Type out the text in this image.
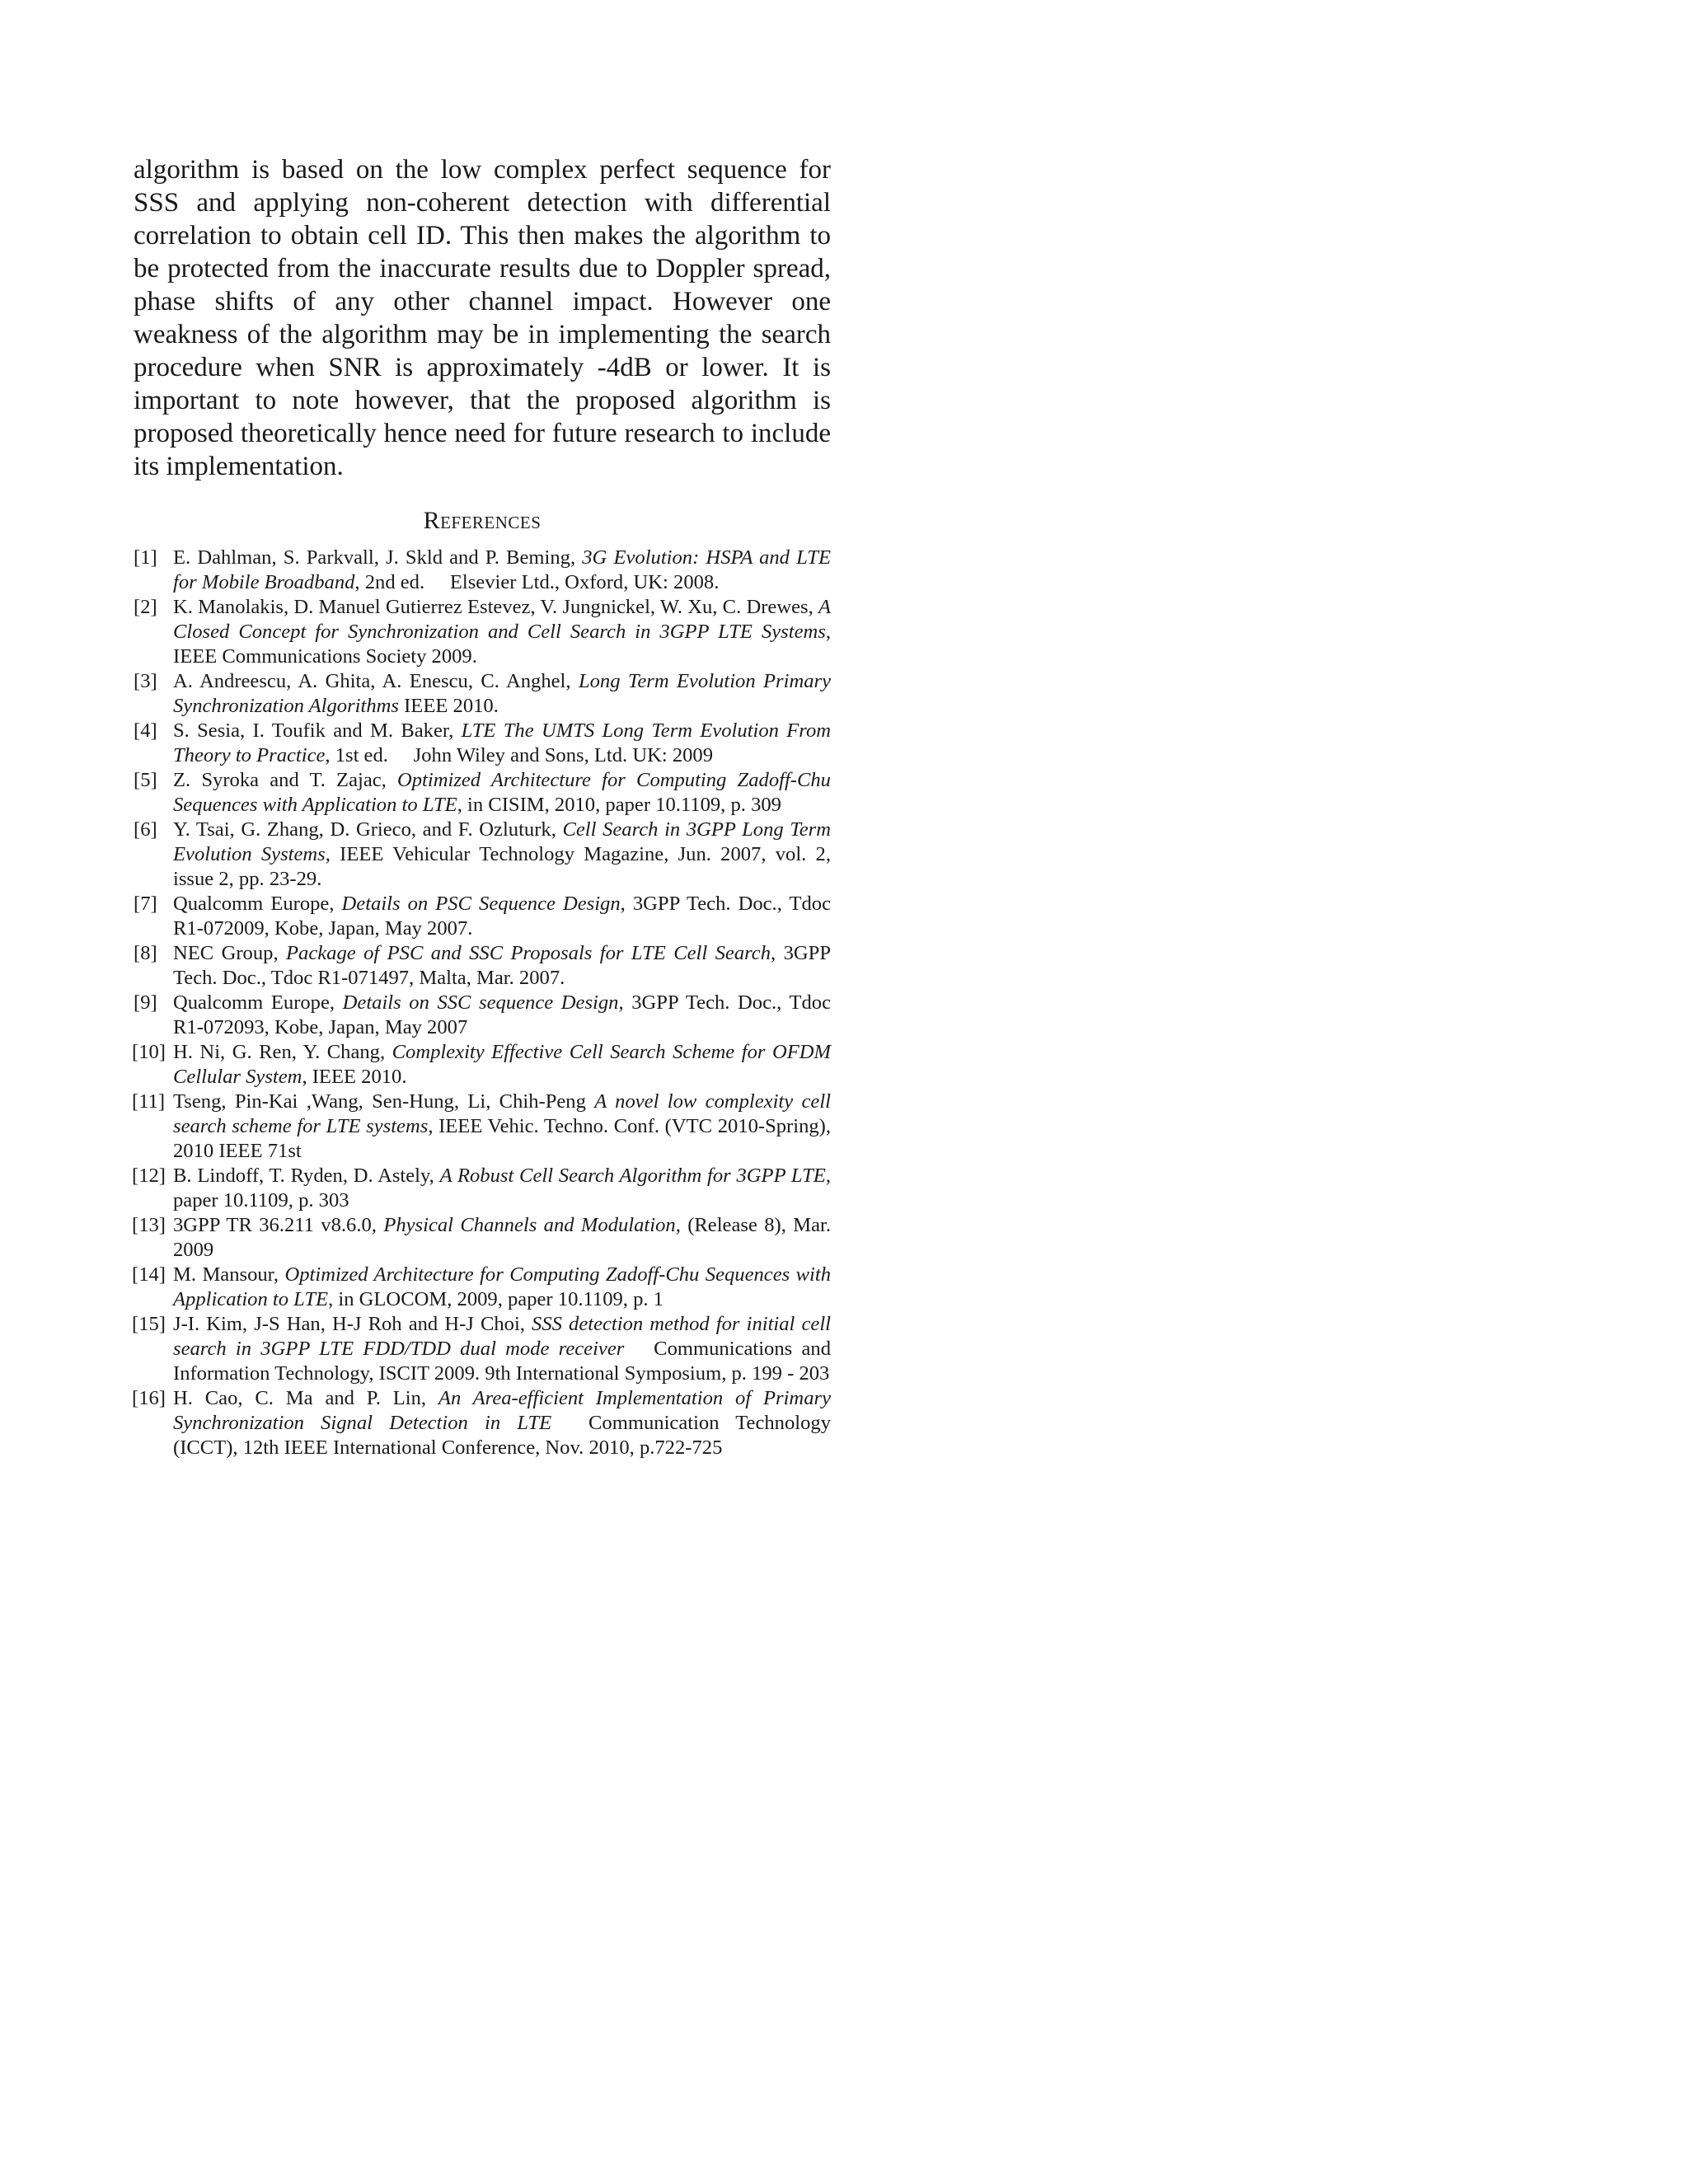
algorithm is based on the low complex perfect sequence for SSS and applying non-coherent detection with differential correlation to obtain cell ID. This then makes the algorithm to be protected from the inaccurate results due to Doppler spread, phase shifts of any other channel impact. However one weakness of the algorithm may be in implementing the search procedure when SNR is approximately -4dB or lower. It is important to note however, that the proposed algorithm is proposed theoretically hence need for future research to include its implementation.

References
[1] E. Dahlman, S. Parkvall, J. Skld and P. Beming, 3G Evolution: HSPA and LTE for Mobile Broadband, 2nd ed.  Elsevier Ltd., Oxford, UK: 2008.
[2] K. Manolakis, D. Manuel Gutierrez Estevez, V. Jungnickel, W. Xu, C. Drewes, A Closed Concept for Synchronization and Cell Search in 3GPP LTE Systems, IEEE Communications Society 2009.
[3] A. Andreescu, A. Ghita, A. Enescu, C. Anghel, Long Term Evolution Primary Synchronization Algorithms IEEE 2010.
[4] S. Sesia, I. Toufik and M. Baker, LTE The UMTS Long Term Evolution From Theory to Practice, 1st ed.  John Wiley and Sons, Ltd. UK: 2009
[5] Z. Syroka and T. Zajac, Optimized Architecture for Computing Zadoff-Chu Sequences with Application to LTE, in CISIM, 2010, paper 10.1109, p. 309
[6] Y. Tsai, G. Zhang, D. Grieco, and F. Ozluturk, Cell Search in 3GPP Long Term Evolution Systems, IEEE Vehicular Technology Magazine, Jun. 2007, vol. 2, issue 2, pp. 23-29.
[7] Qualcomm Europe, Details on PSC Sequence Design, 3GPP Tech. Doc., Tdoc R1-072009, Kobe, Japan, May 2007.
[8] NEC Group, Package of PSC and SSC Proposals for LTE Cell Search, 3GPP Tech. Doc., Tdoc R1-071497, Malta, Mar. 2007.
[9] Qualcomm Europe, Details on SSC sequence Design, 3GPP Tech. Doc., Tdoc R1-072093, Kobe, Japan, May 2007
[10] H. Ni, G. Ren, Y. Chang, Complexity Effective Cell Search Scheme for OFDM Cellular System, IEEE 2010.
[11] Tseng, Pin-Kai ,Wang, Sen-Hung, Li, Chih-Peng A novel low complexity cell search scheme for LTE systems, IEEE Vehic. Techno. Conf. (VTC 2010-Spring), 2010 IEEE 71st
[12] B. Lindoff, T. Ryden, D. Astely, A Robust Cell Search Algorithm for 3GPP LTE, paper 10.1109, p. 303
[13] 3GPP TR 36.211 v8.6.0, Physical Channels and Modulation, (Release 8), Mar. 2009
[14] M. Mansour, Optimized Architecture for Computing Zadoff-Chu Sequences with Application to LTE, in GLOCOM, 2009, paper 10.1109, p. 1
[15] J-I. Kim, J-S Han, H-J Roh and H-J Choi, SSS detection method for initial cell search in 3GPP LTE FDD/TDD dual mode receiver  Communications and Information Technology, ISCIT 2009. 9th International Symposium, p. 199 - 203
[16] H. Cao, C. Ma and P. Lin, An Area-efficient Implementation of Primary Synchronization Signal Detection in LTE  Communication Technology (ICCT), 12th IEEE International Conference, Nov. 2010, p.722-725
